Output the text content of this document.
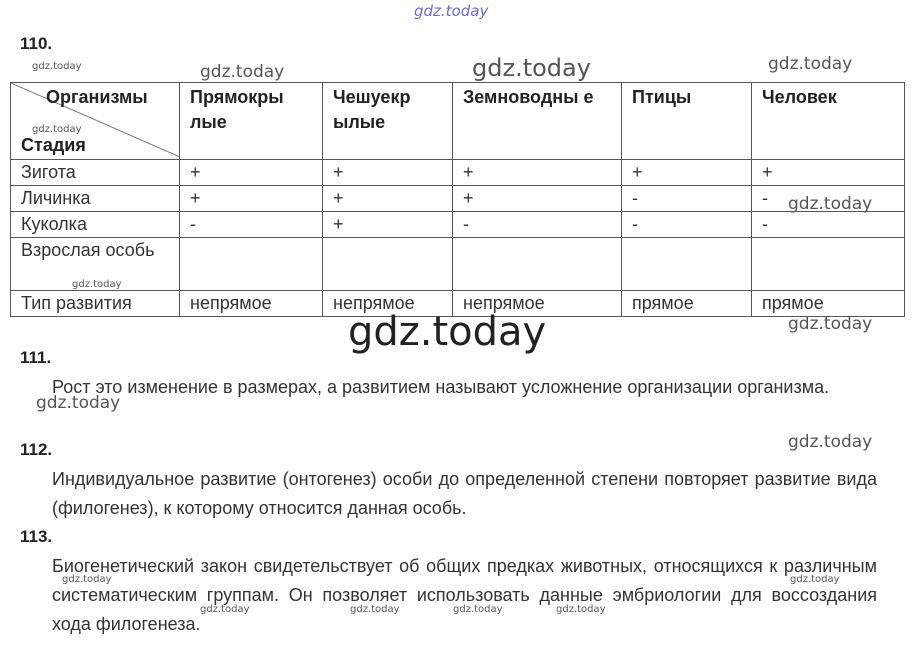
110.
Организмы
Стадия	Прямокры лые	Чешуекр ылые	Земноводны е	Птицы	Человек
Зигота	+	+	+	+	+
Личинка	+	+	+	-	-
Куколка	-	+	-	-	-
Взрослая особь					
Тип развития	непрямое	непрямое	непрямое	прямое	прямое
111.
Рост это изменение в размерах, а развитием называют усложнение организации организма.
112.
Индивидуальное развитие (онтогенез) особи до определенной степени повторяет развитие вида (филогенез), к которому относится данная особь.
113.
Биогенетический закон свидетельствует об общих предках животных, относящихся к различным систематическим группам. Он позволяет использовать данные эмбриологии для воссоздания хода филогенеза.
gdz.today
gdz.today	gdz.today	gdz.today	gdz.today
gdz.today
gdz.today
gdz.today
gdz.today
gdz.today
gdz.today
gdz.today
gdz.today	gdz.today
gdz.today	gdz.today	gdz.today	gdz.today
